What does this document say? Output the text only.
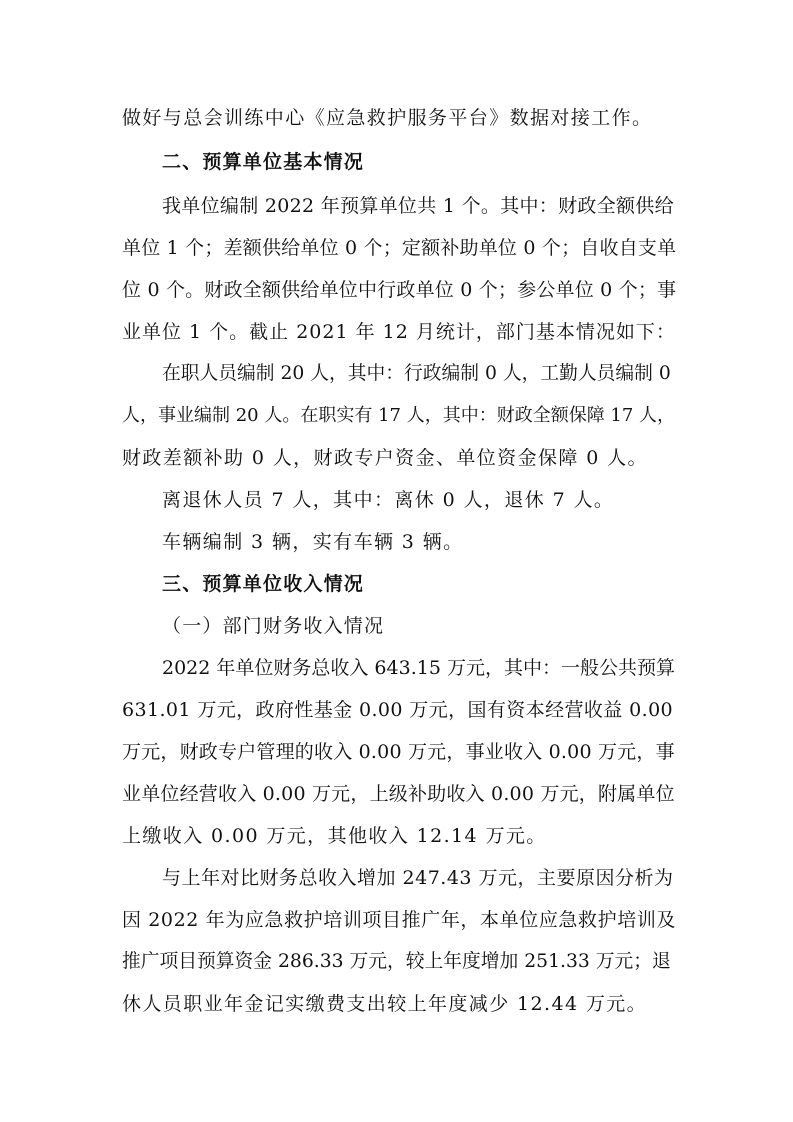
做好与总会训练中心《应急救护服务平台》数据对接工作。
二、预算单位基本情况
我单位编制 2022 年预算单位共 1 个。其中：财政全额供给
单位 1 个；差额供给单位 0 个；定额补助单位 0 个；自收自支单
位 0 个。财政全额供给单位中行政单位 0 个；参公单位 0 个；事
业单位 1 个。截止 2021 年 12 月统计，部门基本情况如下：
在职人员编制 20 人，其中：行政编制 0 人，工勤人员编制 0
人，事业编制 20 人。在职实有 17 人，其中：财政全额保障 17 人，
财政差额补助 0 人，财政专户资金、单位资金保障 0 人。
离退休人员 7 人，其中：离休 0 人，退休 7 人。
车辆编制 3 辆，实有车辆 3 辆。
三、预算单位收入情况
（一）部门财务收入情况
2022 年单位财务总收入 643.15 万元，其中：一般公共预算
631.01 万元，政府性基金 0.00 万元，国有资本经营收益 0.00
万元，财政专户管理的收入 0.00 万元，事业收入 0.00 万元，事
业单位经营收入 0.00 万元，上级补助收入 0.00 万元，附属单位
上缴收入 0.00 万元，其他收入 12.14 万元。
与上年对比财务总收入增加 247.43 万元，主要原因分析为
因 2022 年为应急救护培训项目推广年，本单位应急救护培训及
推广项目预算资金 286.33 万元，较上年度增加 251.33 万元；退
休人员职业年金记实缴费支出较上年度减少 12.44 万元。
